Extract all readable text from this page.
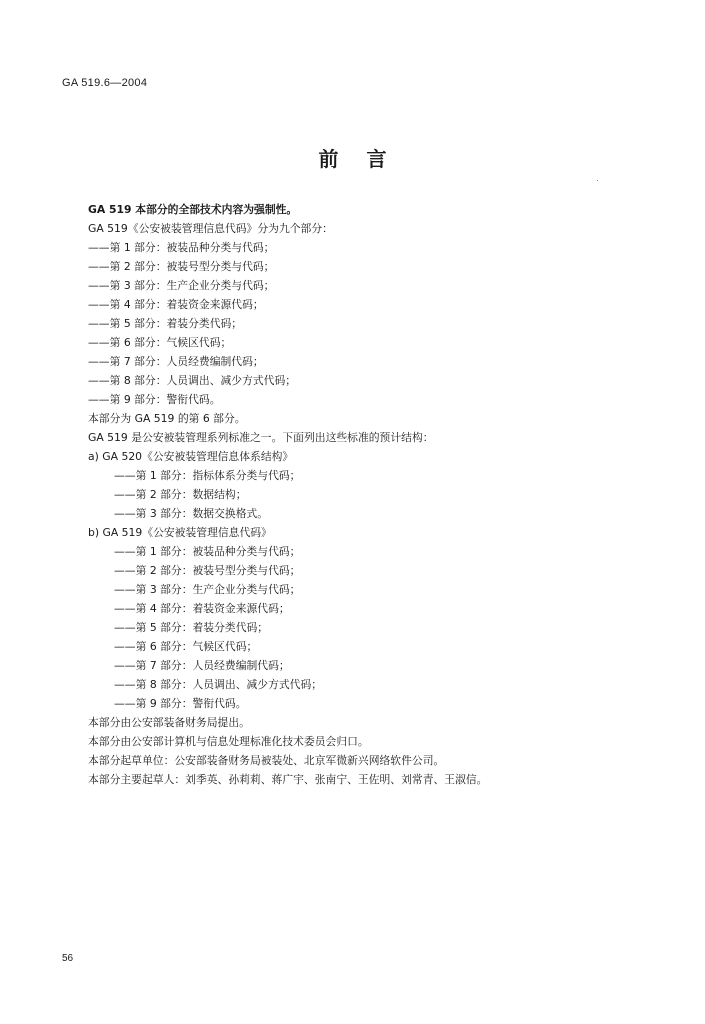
GA 519.6—2004
前言
GA 519 本部分的全部技术内容为强制性。
GA 519《公安被装管理信息代码》分为九个部分：
——第 1 部分：被装品种分类与代码；
——第 2 部分：被装号型分类与代码；
——第 3 部分：生产企业分类与代码；
——第 4 部分：着装资金来源代码；
——第 5 部分：着装分类代码；
——第 6 部分：气候区代码；
——第 7 部分：人员经费编制代码；
——第 8 部分：人员调出、减少方式代码；
——第 9 部分：警衔代码。
本部分为 GA 519 的第 6 部分。
GA 519 是公安被装管理系列标准之一。下面列出这些标准的预计结构：
a) GA 520《公安被装管理信息体系结构》
——第 1 部分：指标体系分类与代码；
——第 2 部分：数据结构；
——第 3 部分：数据交换格式。
b) GA 519《公安被装管理信息代码》
——第 1 部分：被装品种分类与代码；
——第 2 部分：被装号型分类与代码；
——第 3 部分：生产企业分类与代码；
——第 4 部分：着装资金来源代码；
——第 5 部分：着装分类代码；
——第 6 部分：气候区代码；
——第 7 部分：人员经费编制代码；
——第 8 部分：人员调出、减少方式代码；
——第 9 部分：警衔代码。
本部分由公安部装备财务局提出。
本部分由公安部计算机与信息处理标准化技术委员会归口。
本部分起草单位：公安部装备财务局被装处、北京军微新兴网络软件公司。
本部分主要起草人：刘季英、孙莉莉、蒋广宇、张南宁、王佐明、刘常青、王淑信。
56
